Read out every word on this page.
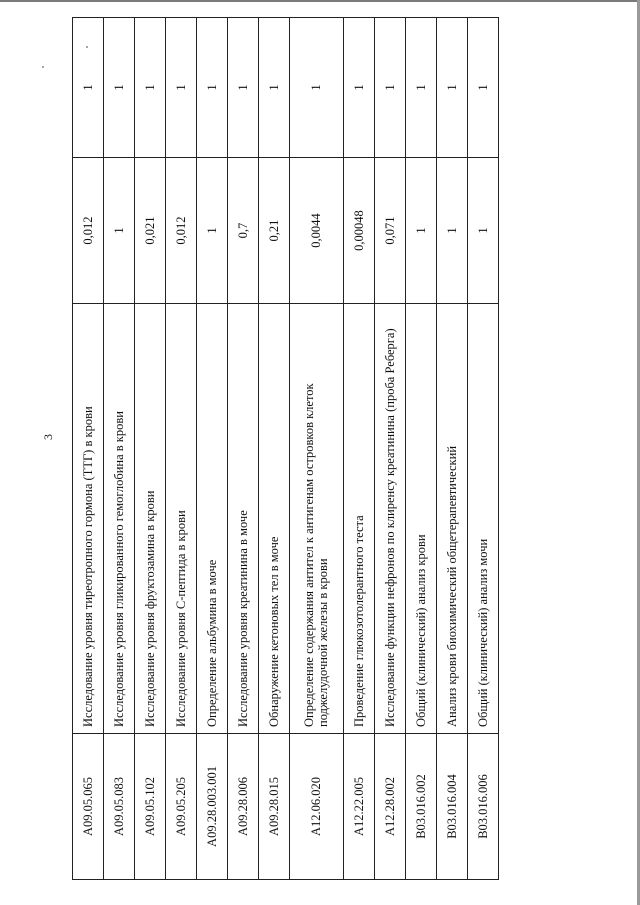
3
A09.05.065	Исследование уровня тиреотропного гормона (ТТГ) в крови	0,012	1
A09.05.083	Исследование уровня гликированного гемоглобина в крови	1	1
A09.05.102	Исследование уровня фруктозамина в крови	0,021	1
A09.05.205	Исследование уровня С-пептида в крови	0,012	1
A09.28.003.001	Определение альбумина в моче	1	1
A09.28.006	Исследование уровня креатинина в моче	0,7	1
A09.28.015	Обнаружение кетоновых тел в моче	0,21	1
A12.06.020	Определение содержания антител к антигенам островков клеток поджелудочной железы в крови	0,0044	1
A12.22.005	Проведение глюкозотолерантного теста	0,00048	1
A12.28.002	Исследование функции нефронов по клиренсу креатинина (проба Реберга)	0,071	1
B03.016.002	Общий (клинический) анализ крови	1	1
B03.016.004	Анализ крови биохимический общетерапевтический	1	1
B03.016.006	Общий (клинический) анализ мочи	1	1
